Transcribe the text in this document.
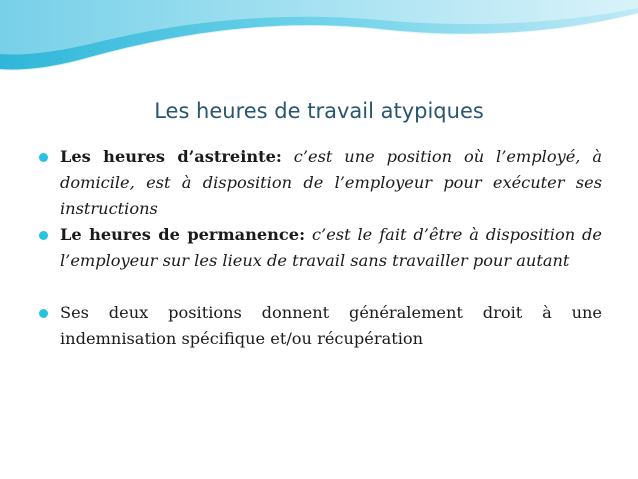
Les heures de travail atypiques

Les heures d’astreinte: c’est une position où l’employé, à domicile, est à disposition de l’employeur pour exécuter ses instructions

Le heures de permanence: c’est le fait d’être à disposition de l’employeur sur les lieux de travail sans travailler pour autant

Ses deux positions donnent généralement droit à une indemnisation spécifique et/ou récupération
